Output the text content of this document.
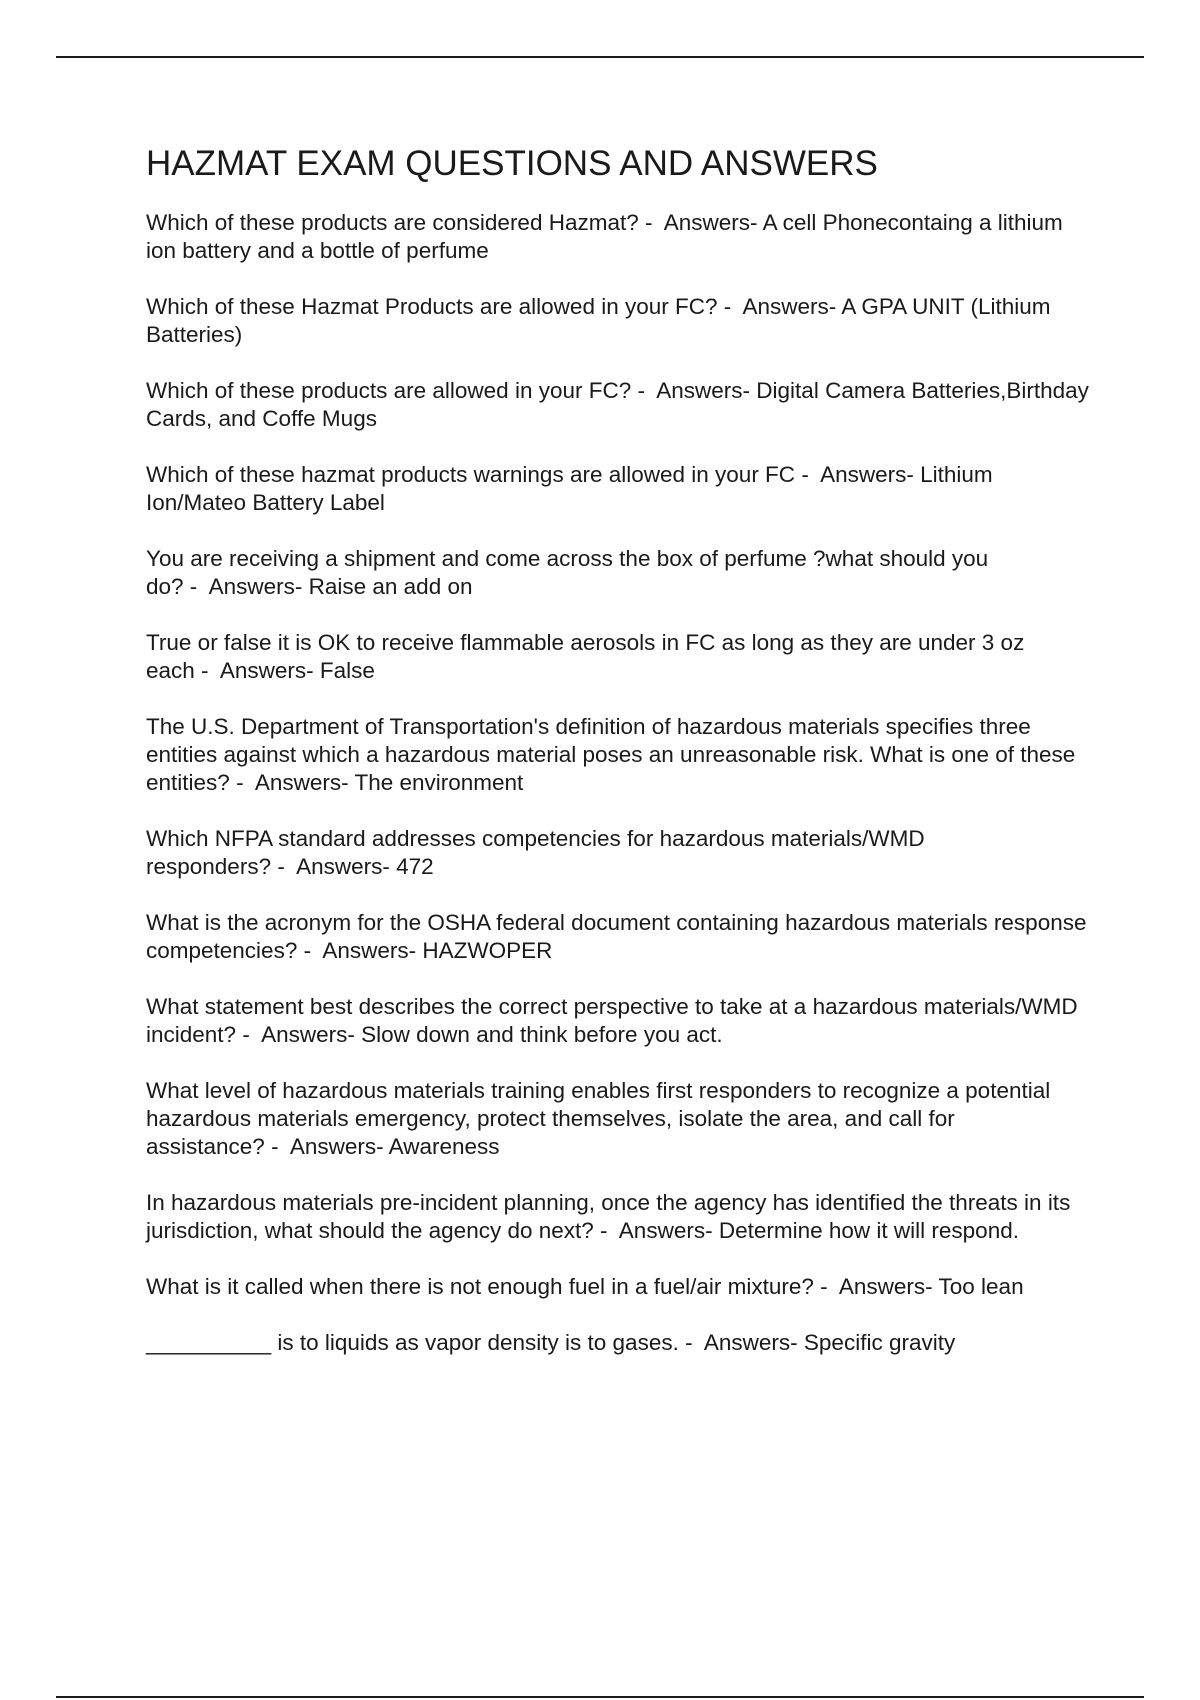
HAZMAT EXAM QUESTIONS AND ANSWERS

Which of these products are considered Hazmat? - Answers- A cell Phonecontaing a lithium ion battery and a bottle of perfume

Which of these Hazmat Products are allowed in your FC? - Answers- A GPA UNIT (Lithium Batteries)

Which of these products are allowed in your FC? - Answers- Digital Camera Batteries,Birthday Cards, and Coffe Mugs

Which of these hazmat products warnings are allowed in your FC - Answers- Lithium Ion/Mateo Battery Label

You are receiving a shipment and come across the box of perfume ?what should you do? - Answers- Raise an add on

True or false it is OK to receive flammable aerosols in FC as long as they are under 3 oz each - Answers- False

The U.S. Department of Transportation's definition of hazardous materials specifies three entities against which a hazardous material poses an unreasonable risk. What is one of these entities? - Answers- The environment

Which NFPA standard addresses competencies for hazardous materials/WMD responders? - Answers- 472

What is the acronym for the OSHA federal document containing hazardous materials response competencies? - Answers- HAZWOPER

What statement best describes the correct perspective to take at a hazardous materials/WMD incident? - Answers- Slow down and think before you act.

What level of hazardous materials training enables first responders to recognize a potential hazardous materials emergency, protect themselves, isolate the area, and call for assistance? - Answers- Awareness

In hazardous materials pre-incident planning, once the agency has identified the threats in its jurisdiction, what should the agency do next? - Answers- Determine how it will respond.

What is it called when there is not enough fuel in a fuel/air mixture? - Answers- Too lean

__________ is to liquids as vapor density is to gases. - Answers- Specific gravity
